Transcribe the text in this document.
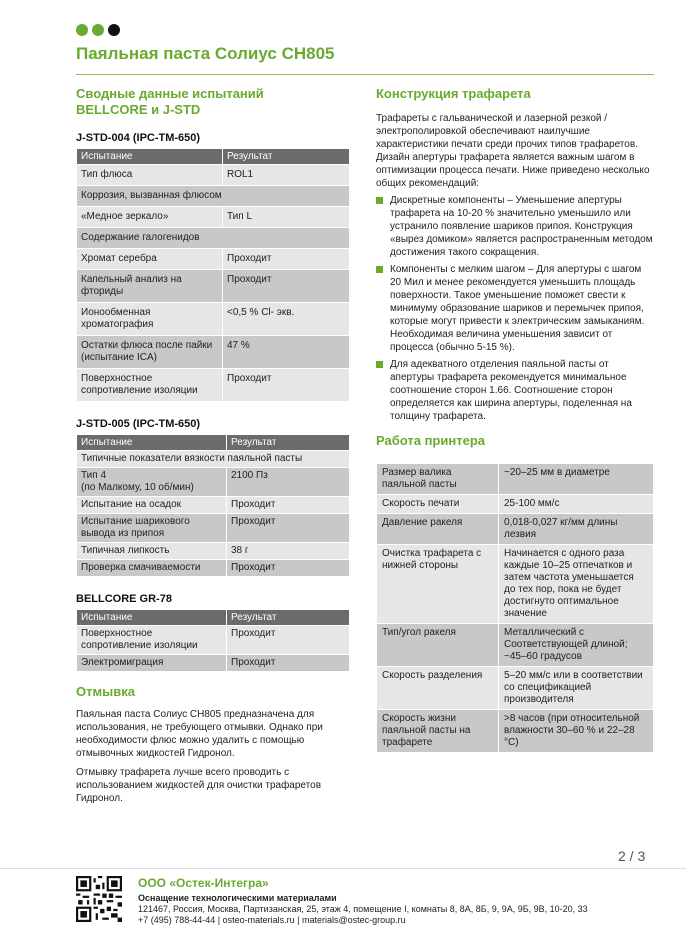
Паяльная паста Солиус CH805
Сводные данные испытаний
BELLCORE и J-STD
J-STD-004 (IPC-TM-650)
Испытание	Результат
Тип флюса	ROL1
Коррозия, вызванная флюсом	
«Медное зеркало»	Тип L
Содержание галогенидов	
Хромат серебра	Проходит
Капельный анализ на фториды	Проходит
Ионообменная хроматография	<0,5 % Cl- экв.
Остатки флюса после пайки (испытание ICA)	47 %
Поверхностное сопротивление изоляции	Проходит
J-STD-005 (IPC-TM-650)
Испытание	Результат
Типичные показатели вязкости паяльной пасты	
Тип 4
(по Малкому, 10 об/мин)	2100 Пз
Испытание на осадок	Проходит
Испытание шарикового вывода из припоя	Проходит
Типичная липкость	38 г
Проверка смачиваемости	Проходит
BELLCORE GR-78
Испытание	Результат
Поверхностное сопротивление изоляции	Проходит
Электромиграция	Проходит
Отмывка

Паяльная паста Солиус CH805 предназначена для использования, не требующего отмывки. Однако при необходимости флюс можно удалить с помощью отмывочных жидкостей Гидронол.

Отмывку трафарета лучше всего проводить с использованием жидкостей для очистки трафаретов Гидронол.

Конструкция трафарета

Трафареты с гальванической и лазерной резкой / электрополировкой обеспечивают наилучшие характеристики печати среди прочих типов трафаретов. Дизайн апертуры трафарета является важным шагом в оптимизации процесса печати. Ниже приведено несколько общих рекомендаций:

Дискретные компоненты – Уменьшение апертуры трафарета на 10-20 % значительно уменьшило или устранило появление шариков припоя. Конструкция «вырез домиком» является распространенным методом достижения такого сокращения.
Компоненты с мелким шагом – Для апертуры с шагом 20 Мил и менее рекомендуется уменьшить площадь поверхности. Такое уменьшение поможет свести к минимуму образование шариков и перемычек припоя, которые могут привести к электрическим замыканиям. Необходимая величина уменьшения зависит от процесса (обычно 5-15 %).
Для адекватного отделения паяльной пасты от апертуры трафарета рекомендуется минимальное соотношение сторон 1.66. Соотношение сторон определяется как ширина апертуры, поделенная на толщину трафарета.
Работа принтера
Размер валика паяльной пасты	~20–25 мм в диаметре
Скорость печати	25-100 мм/с
Давление ракеля	0,018-0,027 кг/мм длины лезвия
Очистка трафарета с нижней стороны	Начинается с одного раза каждые 10–25 отпечатков и затем частота уменьшается
до тех пор, пока не будет достигнуто оптимальное значение
Тип/угол ракеля	Металлический с Соответствующей длиной;
~45–60 градусов
Скорость разделения	5–20 мм/с или в соответствии со спецификацией производителя
Скорость жизни паяльной пасты на трафарете	>8 часов (при относительной влажности 30–60 % и 22–28 °C)
2 / 3
ООО «Остек-Интегра»
Оснащение технологическими материалами
121467, Россия, Москва, Партизанская, 25, этаж 4, помещение I, комнаты 8, 8А, 8Б, 9, 9А, 9Б, 9В, 10-20, 33
+7 (495) 788-44-44 | osteo-materials.ru | materials@ostec-group.ru
